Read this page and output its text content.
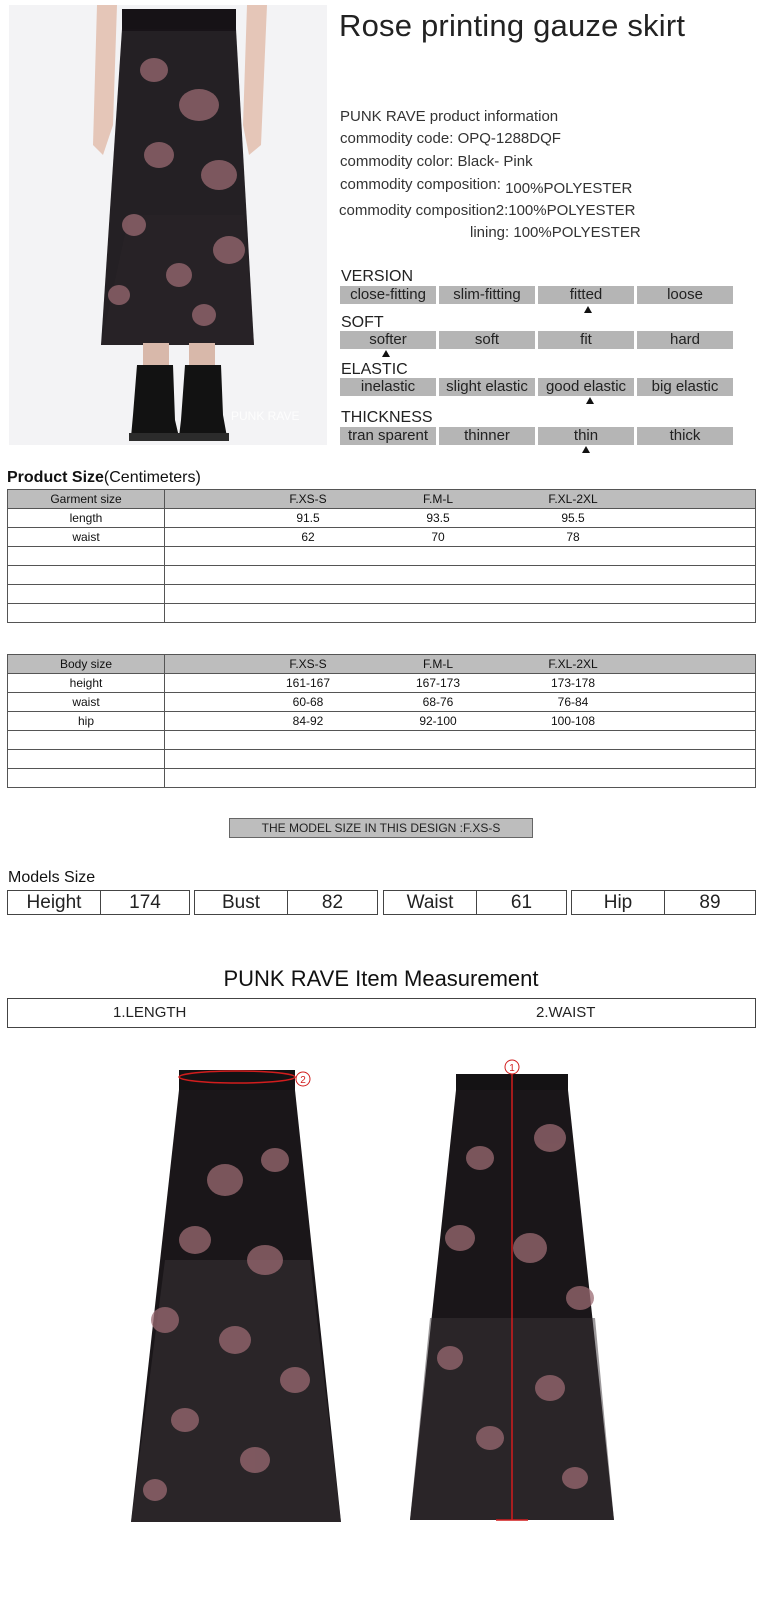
PUNK RAVE
Rose printing gauze skirt
PUNK RAVE product information
commodity code: OPQ-1288DQF
commodity color: Black- Pink
commodity composition: 100%POLYESTER
commodity composition2:100%POLYESTER
lining: 100%POLYESTER
VERSION
close-fitting	slim-fitting	fitted	loose
SOFT
softer	soft	fit	hard
ELASTIC
inelastic	slight elastic	good elastic	big elastic
THICKNESS
tran sparent	thinner	thin	thick
Product Size(Centimeters)
Garment size	F.XS-S F.M-L F.XL-2XL

length	91.5 93.5 95.5

waist	62 70 78

Body size	F.XS-S F.M-L F.XL-2XL

height	161-167 167-173 173-178

waist	60-68 68-76 76-84

hip	84-92 92-100 100-108

THE MODEL SIZE IN THIS DESIGN :F.XS-S
Models Size
Height	174	Bust	82	Waist	61	Hip	89
PUNK RAVE Item Measurement
1.LENGTH	2.WAIST
2
1
